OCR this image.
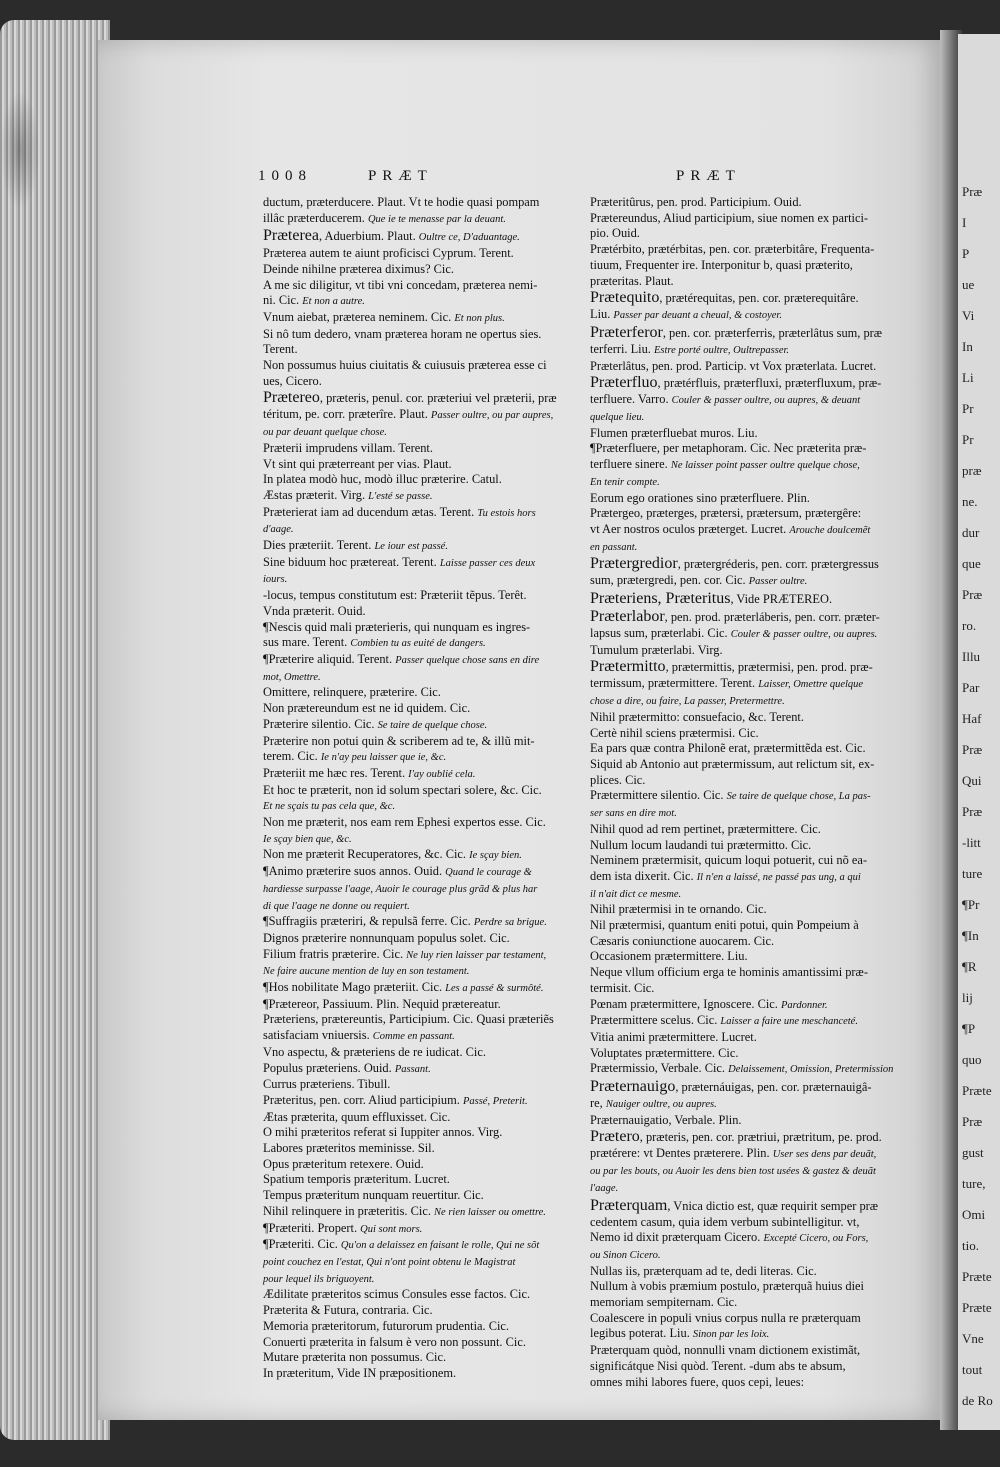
1008	PRÆT	PRÆT
ductum, præterducere. Plaut. Vt te hodie quasi pompam
illâc præterducerem. Que ie te menasse par la deuant.
Præterea, Aduerbium. Plaut. Oultre ce, D'aduantage.
Præterea autem te aiunt proficisci Cyprum. Terent.
Deinde nihilne præterea diximus? Cic.
A me sic diligitur, vt tibi vni concedam, præterea nemi-
ni. Cic. Et non a autre.
Vnum aiebat, præterea neminem. Cic. Et non plus.
Si nô tum dedero, vnam præterea horam ne opertus sies.
Terent.
Non possumus huius ciuitatis & cuiusuis præterea esse ci
ues, Cicero.
Prætereo, præteris, penul. cor. præteriui vel præterii, præ
téritum, pe. corr. præterîre. Plaut. Passer oultre, ou par aupres,
ou par deuant quelque chose.
Præterii imprudens villam. Terent.
Vt sint qui præterreant per vias. Plaut.
In platea modò huc, modò illuc præterire. Catul.
Æstas præterit. Virg. L'esté se passe.
Præterierat iam ad ducendum ætas. Terent. Tu estois hors
d'aage.
Dies præteriit. Terent. Le iour est passé.
Sine biduum hoc prætereat. Terent. Laisse passer ces deux
iours.
-locus, tempus constitutum est: Præteriit tẽpus. Terêt.
Vnda præterit. Ouid.
¶Nescis quid mali præterieris, qui nunquam es ingres-
sus mare. Terent. Combien tu as euité de dangers.
¶Præterire aliquid. Terent. Passer quelque chose sans en dire
mot, Omettre.
Omittere, relinquere, præterire. Cic.
Non prætereundum est ne id quidem. Cic.
Præterire silentio. Cic. Se taire de quelque chose.
Præterire non potui quin & scriberem ad te, & illũ mit-
terem. Cic. Ie n'ay peu laisser que ie, &c.
Præteriit me hæc res. Terent. I'ay oublié cela.
Et hoc te præterit, non id solum spectari solere, &c. Cic.
Et ne sçais tu pas cela que, &c.
Non me præterit, nos eam rem Ephesi expertos esse. Cic.
Ie sçay bien que, &c.
Non me præterit Recuperatores, &c. Cic. Ie sçay bien.
¶Animo præterire suos annos. Ouid. Quand le courage &
hardiesse surpasse l'aage, Auoir le courage plus grãd & plus har
di que l'aage ne donne ou requiert.
¶Suffragiis præteriri, & repulsã ferre. Cic. Perdre sa brigue.
Dignos præterire nonnunquam populus solet. Cic.
Filium fratris præterire. Cic. Ne luy rien laisser par testament,
Ne faire aucune mention de luy en son testament.
¶Hos nobilitate Mago præteriit. Cic. Les a passé & surmôté.
¶Prætereor, Passiuum. Plin. Nequid prætereatur.
Præteriens, prætereuntis, Participium. Cic. Quasi præteriẽs
satisfaciam vniuersis. Comme en passant.
Vno aspectu, & præteriens de re iudicat. Cic.
Populus præteriens. Ouid. Passant.
Currus præteriens. Tibull.
Præteritus, pen. corr. Aliud participium. Passé, Preterit.
Ætas præterita, quum effluxisset. Cic.
O mihi præteritos referat si Iuppiter annos. Virg.
Labores præteritos meminisse. Sil.
Opus præteritum retexere. Ouid.
Spatium temporis præteritum. Lucret.
Tempus præteritum nunquam reuertitur. Cic.
Nihil relinquere in præteritis. Cic. Ne rien laisser ou omettre.
¶Præteriti. Propert. Qui sont mors.
¶Præteriti. Cic. Qu'on a delaissez en faisant le rolle, Qui ne sõt
point couchez en l'estat, Qui n'ont point obtenu le Magistrat
pour lequel ils briguoyent.
Ædilitate præteritos scimus Consules esse factos. Cic.
Præterita & Futura, contraria. Cic.
Memoria præteritorum, futurorum prudentia. Cic.
Conuerti præterita in falsum è vero non possunt. Cic.
Mutare præterita non possumus. Cic.
In præteritum, Vide IN præpositionem.
Præteritûrus, pen. prod. Participium. Ouid.
Prætereundus, Aliud participium, siue nomen ex partici-
pio. Ouid.
Prætérbito, prætérbitas, pen. cor. præterbitâre, Frequenta-
tiuum, Frequenter ire. Interponitur b, quasi præterito,
præteritas. Plaut.
Prætequito, prætérequitas, pen. cor. præterequitâre.
Liu. Passer par deuant a cheual, & costoyer.
Præterferor, pen. cor. præterferris, præterlâtus sum, præ
terferri. Liu. Estre porté oultre, Oultrepasser.
Præterlâtus, pen. prod. Particip. vt Vox præterlata. Lucret.
Præterfluo, prætérfluis, præterfluxi, præterfluxum, præ-
terfluere. Varro. Couler & passer oultre, ou aupres, & deuant
quelque lieu.
Flumen præterfluebat muros. Liu.
¶Præterfluere, per metaphoram. Cic. Nec præterita præ-
terfluere sinere. Ne laisser point passer oultre quelque chose,
En tenir compte.
Eorum ego orationes sino præterfluere. Plin.
Prætergeo, præterges, prætersi, prætersum, prætergêre:
vt Aer nostros oculos præterget. Lucret. Arouche doulcemẽt
en passant.
Prætergredior, prætergréderis, pen. corr. prætergressus
sum, prætergredi, pen. cor. Cic. Passer oultre.
Præteriens, Præteritus, Vide PRÆTEREO.
Præterlabor, pen. prod. præterláberis, pen. corr. præter-
lapsus sum, præterlabi. Cic. Couler & passer oultre, ou aupres.
Tumulum præterlabi. Virg.
Prætermitto, prætermittis, prætermisi, pen. prod. præ-
termissum, prætermittere. Terent. Laisser, Omettre quelque
chose a dire, ou faire, La passer, Pretermettre.
Nihil prætermitto: consuefacio, &c. Terent.
Certè nihil sciens prætermisi. Cic.
Ea pars quæ contra Philonẽ erat, prætermittẽda est. Cic.
Siquid ab Antonio aut prætermissum, aut relictum sit, ex-
plices. Cic.
Prætermittere silentio. Cic. Se taire de quelque chose, La pas-
ser sans en dire mot.
Nihil quod ad rem pertinet, prætermittere. Cic.
Nullum locum laudandi tui prætermitto. Cic.
Neminem prætermisit, quicum loqui potuerit, cui nõ ea-
dem ista dixerit. Cic. Il n'en a laissé, ne passé pas ung, a qui
il n'ait dict ce mesme.
Nihil prætermisi in te ornando. Cic.
Nil prætermisi, quantum eniti potui, quin Pompeium à
Cæsaris coniunctione auocarem. Cic.
Occasionem prætermittere. Liu.
Neque vllum officium erga te hominis amantissimi præ-
termisit. Cic.
Pœnam prætermittere, Ignoscere. Cic. Pardonner.
Prætermittere scelus. Cic. Laisser a faire une meschanceté.
Vitia animi prætermittere. Lucret.
Voluptates prætermittere. Cic.
Prætermissio, Verbale. Cic. Delaissement, Omission, Pretermission
Præternauigo, præternáuigas, pen. cor. præternauigâ-
re, Nauiger oultre, ou aupres.
Præternauigatio, Verbale. Plin.
Prætero, præteris, pen. cor. prætriui, prætritum, pe. prod.
prætérere: vt Dentes præterere. Plin. User ses dens par deuãt,
ou par les bouts, ou Auoir les dens bien tost usées & gastez & deuãt
l'aage.
Præterquam, Vnica dictio est, quæ requirit semper præ
cedentem casum, quia idem verbum subintelligitur. vt,
Nemo id dixit præterquam Cicero. Excepté Cicero, ou Fors,
ou Sinon Cicero.
Nullas iis, præterquam ad te, dedi literas. Cic.
Nullum à vobis præmium postulo, præterquã huius diei
memoriam sempiternam. Cic.
Coalescere in populi vnius corpus nulla re præterquam
legibus poterat. Liu. Sinon par les loix.
Præterquam quòd, nonnulli vnam dictionem existimãt,
significátque Nisi quòd. Terent. -dum abs te absum,
omnes mihi labores fuere, quos cepi, leues:
Præ
I
P
ue
Vi
In
Li
Pr
Pr
præ
ne.
dur
que
Præ
ro.
Illu
Par
Haf
Præ
Qui
Præ
-litt
ture
¶Pr
¶In
¶R
lij
¶P
quo
Præte
Præ
gust
ture,
Omi
tio.
Præte
Præte
Vne
tout
de Ro
